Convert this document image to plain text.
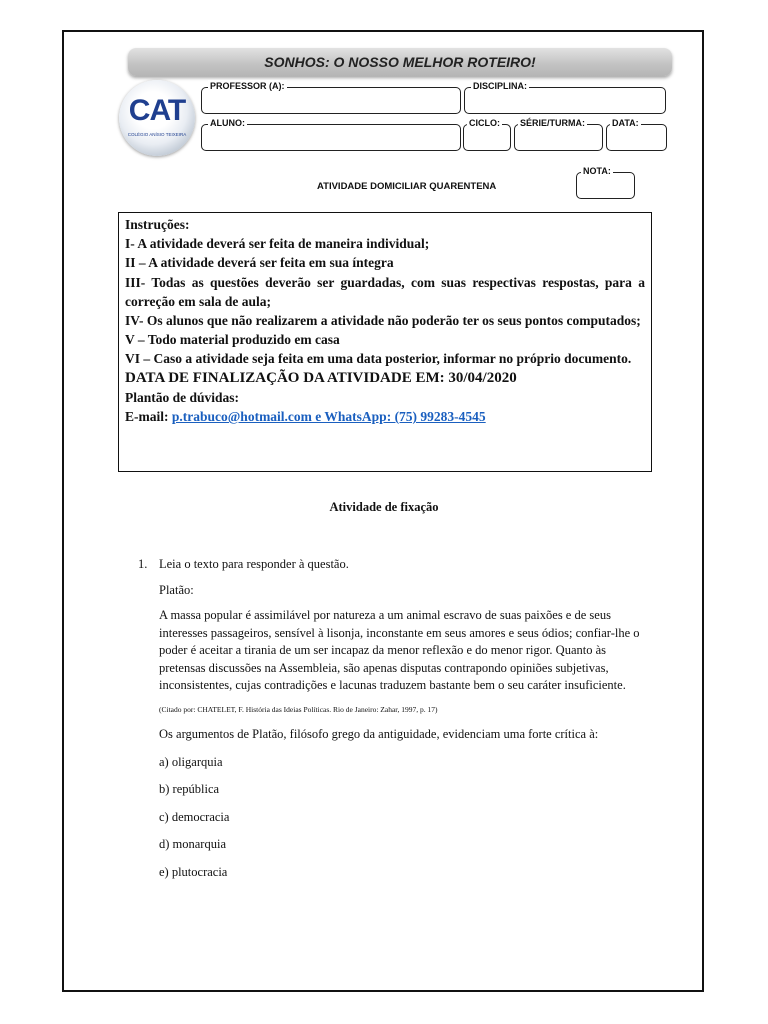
SONHOS: O NOSSO MELHOR ROTEIRO!
CAT
COLÉGIO ANÍSIO TEIXEIRA
PROFESSOR (A):	DISCIPLINA:
ALUNO:	CICLO: SÉRIE/TURMA:	DATA:
NOTA:
ATIVIDADE DOMICILIAR QUARENTENA
Instruções:
I- A atividade deverá ser feita de maneira individual;
II – A atividade deverá ser feita em sua íntegra
III- Todas as questões deverão ser guardadas, com suas respectivas respostas, para a correção em sala de aula;
IV- Os alunos que não realizarem a atividade não poderão ter os seus pontos computados;
V – Todo material produzido em casa
VI – Caso a atividade seja feita em uma data posterior, informar no próprio documento.
DATA DE FINALIZAÇÃO DA ATIVIDADE EM: 30/04/2020
Plantão de dúvidas:
E-mail: p.trabuco@hotmail.com e WhatsApp: (75) 99283-4545
Atividade de fixação
1. Leia o texto para responder à questão.

Platão:

A massa popular é assimilável por natureza a um animal escravo de suas paixões e de seus interesses passageiros, sensível à lisonja, inconstante em seus amores e seus ódios; confiar-lhe o poder é aceitar a tirania de um ser incapaz da menor reflexão e do menor rigor. Quanto às pretensas discussões na Assembleia, são apenas disputas contrapondo opiniões subjetivas, inconsistentes, cujas contradições e lacunas traduzem bastante bem o seu caráter insuficiente.

(Citado por: CHATELET, F. História das Ideias Políticas. Rio de Janeiro: Zahar, 1997, p. 17)

Os argumentos de Platão, filósofo grego da antiguidade, evidenciam uma forte crítica à:

a) oligarquia

b) república

c) democracia

d) monarquia

e) plutocracia
